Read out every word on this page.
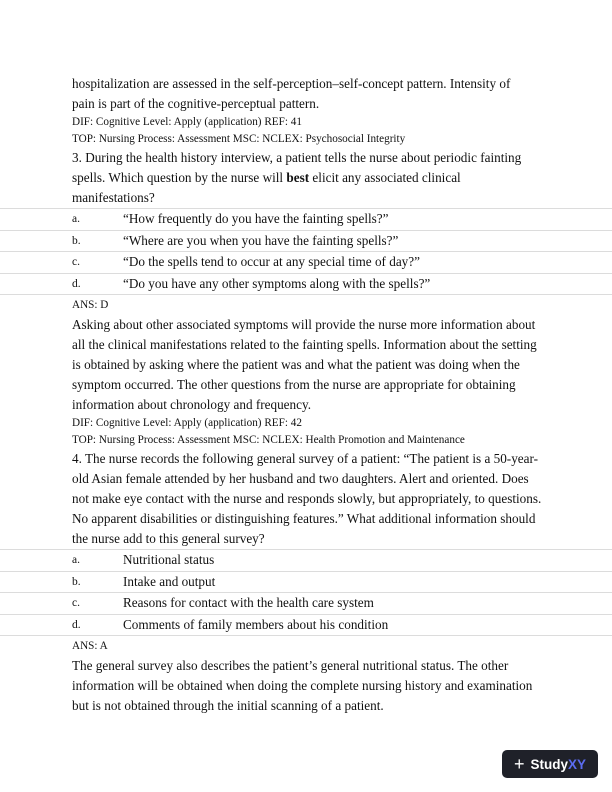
hospitalization are assessed in the self-perception–self-concept pattern. Intensity of

pain is part of the cognitive-perceptual pattern.

DIF: Cognitive Level: Apply (application) REF: 41

TOP: Nursing Process: Assessment MSC: NCLEX: Psychosocial Integrity

3. During the health history interview, a patient tells the nurse about periodic fainting spells. Which question by the nurse will best elicit any associated clinical manifestations?

a.	“How frequently do you have the fainting spells?”
b.	“Where are you when you have the fainting spells?”
c.	“Do the spells tend to occur at any special time of day?”
d.	“Do you have any other symptoms along with the spells?”

ANS: D

Asking about other associated symptoms will provide the nurse more information about all the clinical manifestations related to the fainting spells. Information about the setting is obtained by asking where the patient was and what the patient was doing when the symptom occurred. The other questions from the nurse are appropriate for obtaining information about chronology and frequency.

DIF: Cognitive Level: Apply (application) REF: 42

TOP: Nursing Process: Assessment MSC: NCLEX: Health Promotion and Maintenance

4. The nurse records the following general survey of a patient: “The patient is a 50-year-old Asian female attended by her husband and two daughters. Alert and oriented. Does not make eye contact with the nurse and responds slowly, but appropriately, to questions. No apparent disabilities or distinguishing features.” What additional information should the nurse add to this general survey?

a.	Nutritional status
b.	Intake and output
c.	Reasons for contact with the health care system
d.	Comments of family members about his condition

ANS: A

The general survey also describes the patient’s general nutritional status. The other information will be obtained when doing the complete nursing history and examination but is not obtained through the initial scanning of a patient.

+ StudyXY
